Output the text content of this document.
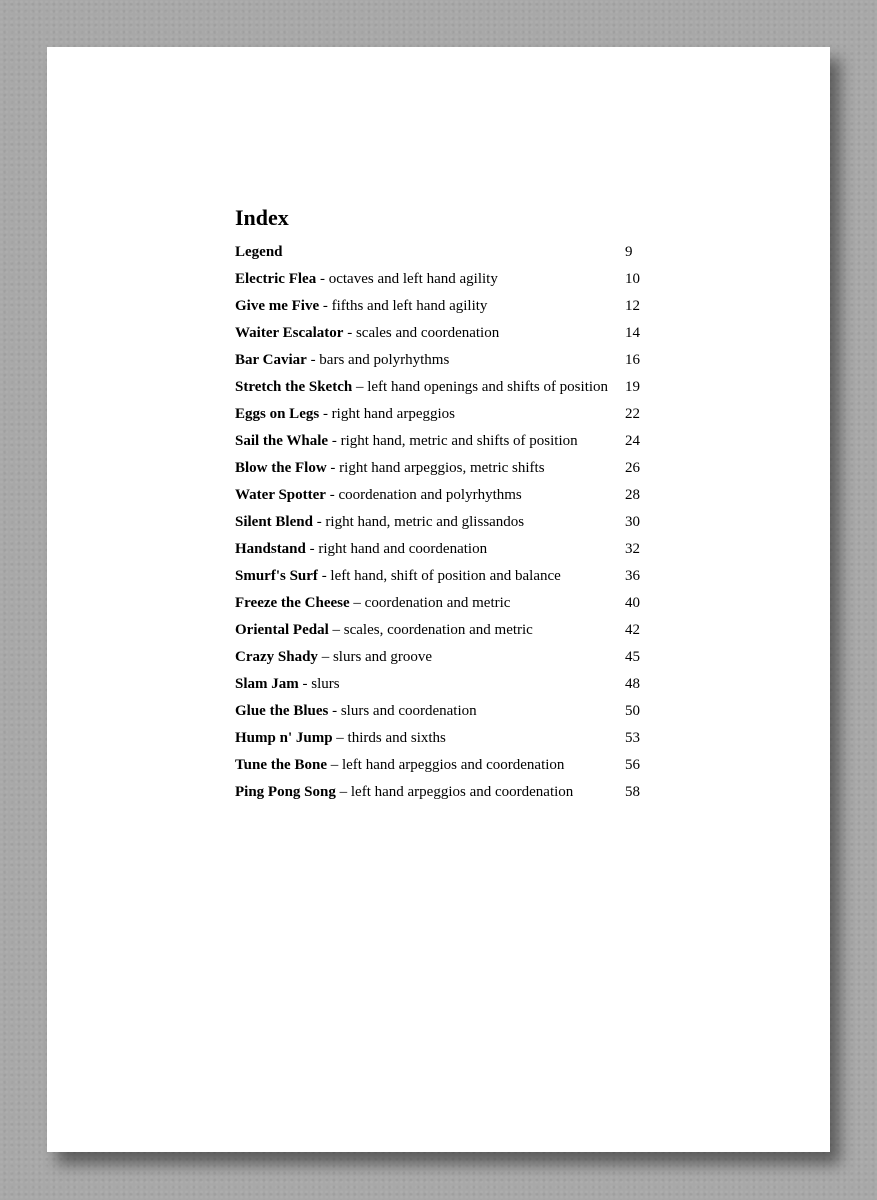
Index
Legend	9
Electric Flea - octaves and left hand agility	10
Give me Five - fifths and left hand agility	12
Waiter Escalator - scales and coordenation	14
Bar Caviar - bars and polyrhythms	16
Stretch the Sketch – left hand openings and shifts of position	19
Eggs on Legs - right hand arpeggios	22
Sail the Whale - right hand, metric and shifts of position	24
Blow the Flow - right hand arpeggios, metric shifts	26
Water Spotter - coordenation and polyrhythms	28
Silent Blend - right hand, metric and glissandos	30
Handstand - right hand and coordenation	32
Smurf's Surf - left hand, shift of position and balance	36
Freeze the Cheese – coordenation and metric	40
Oriental Pedal – scales, coordenation and metric	42
Crazy Shady – slurs and groove	45
Slam Jam - slurs	48
Glue the Blues - slurs and coordenation	50
Hump n' Jump – thirds and sixths	53
Tune the Bone – left hand arpeggios and coordenation	56
Ping Pong Song – left hand arpeggios and coordenation	58
